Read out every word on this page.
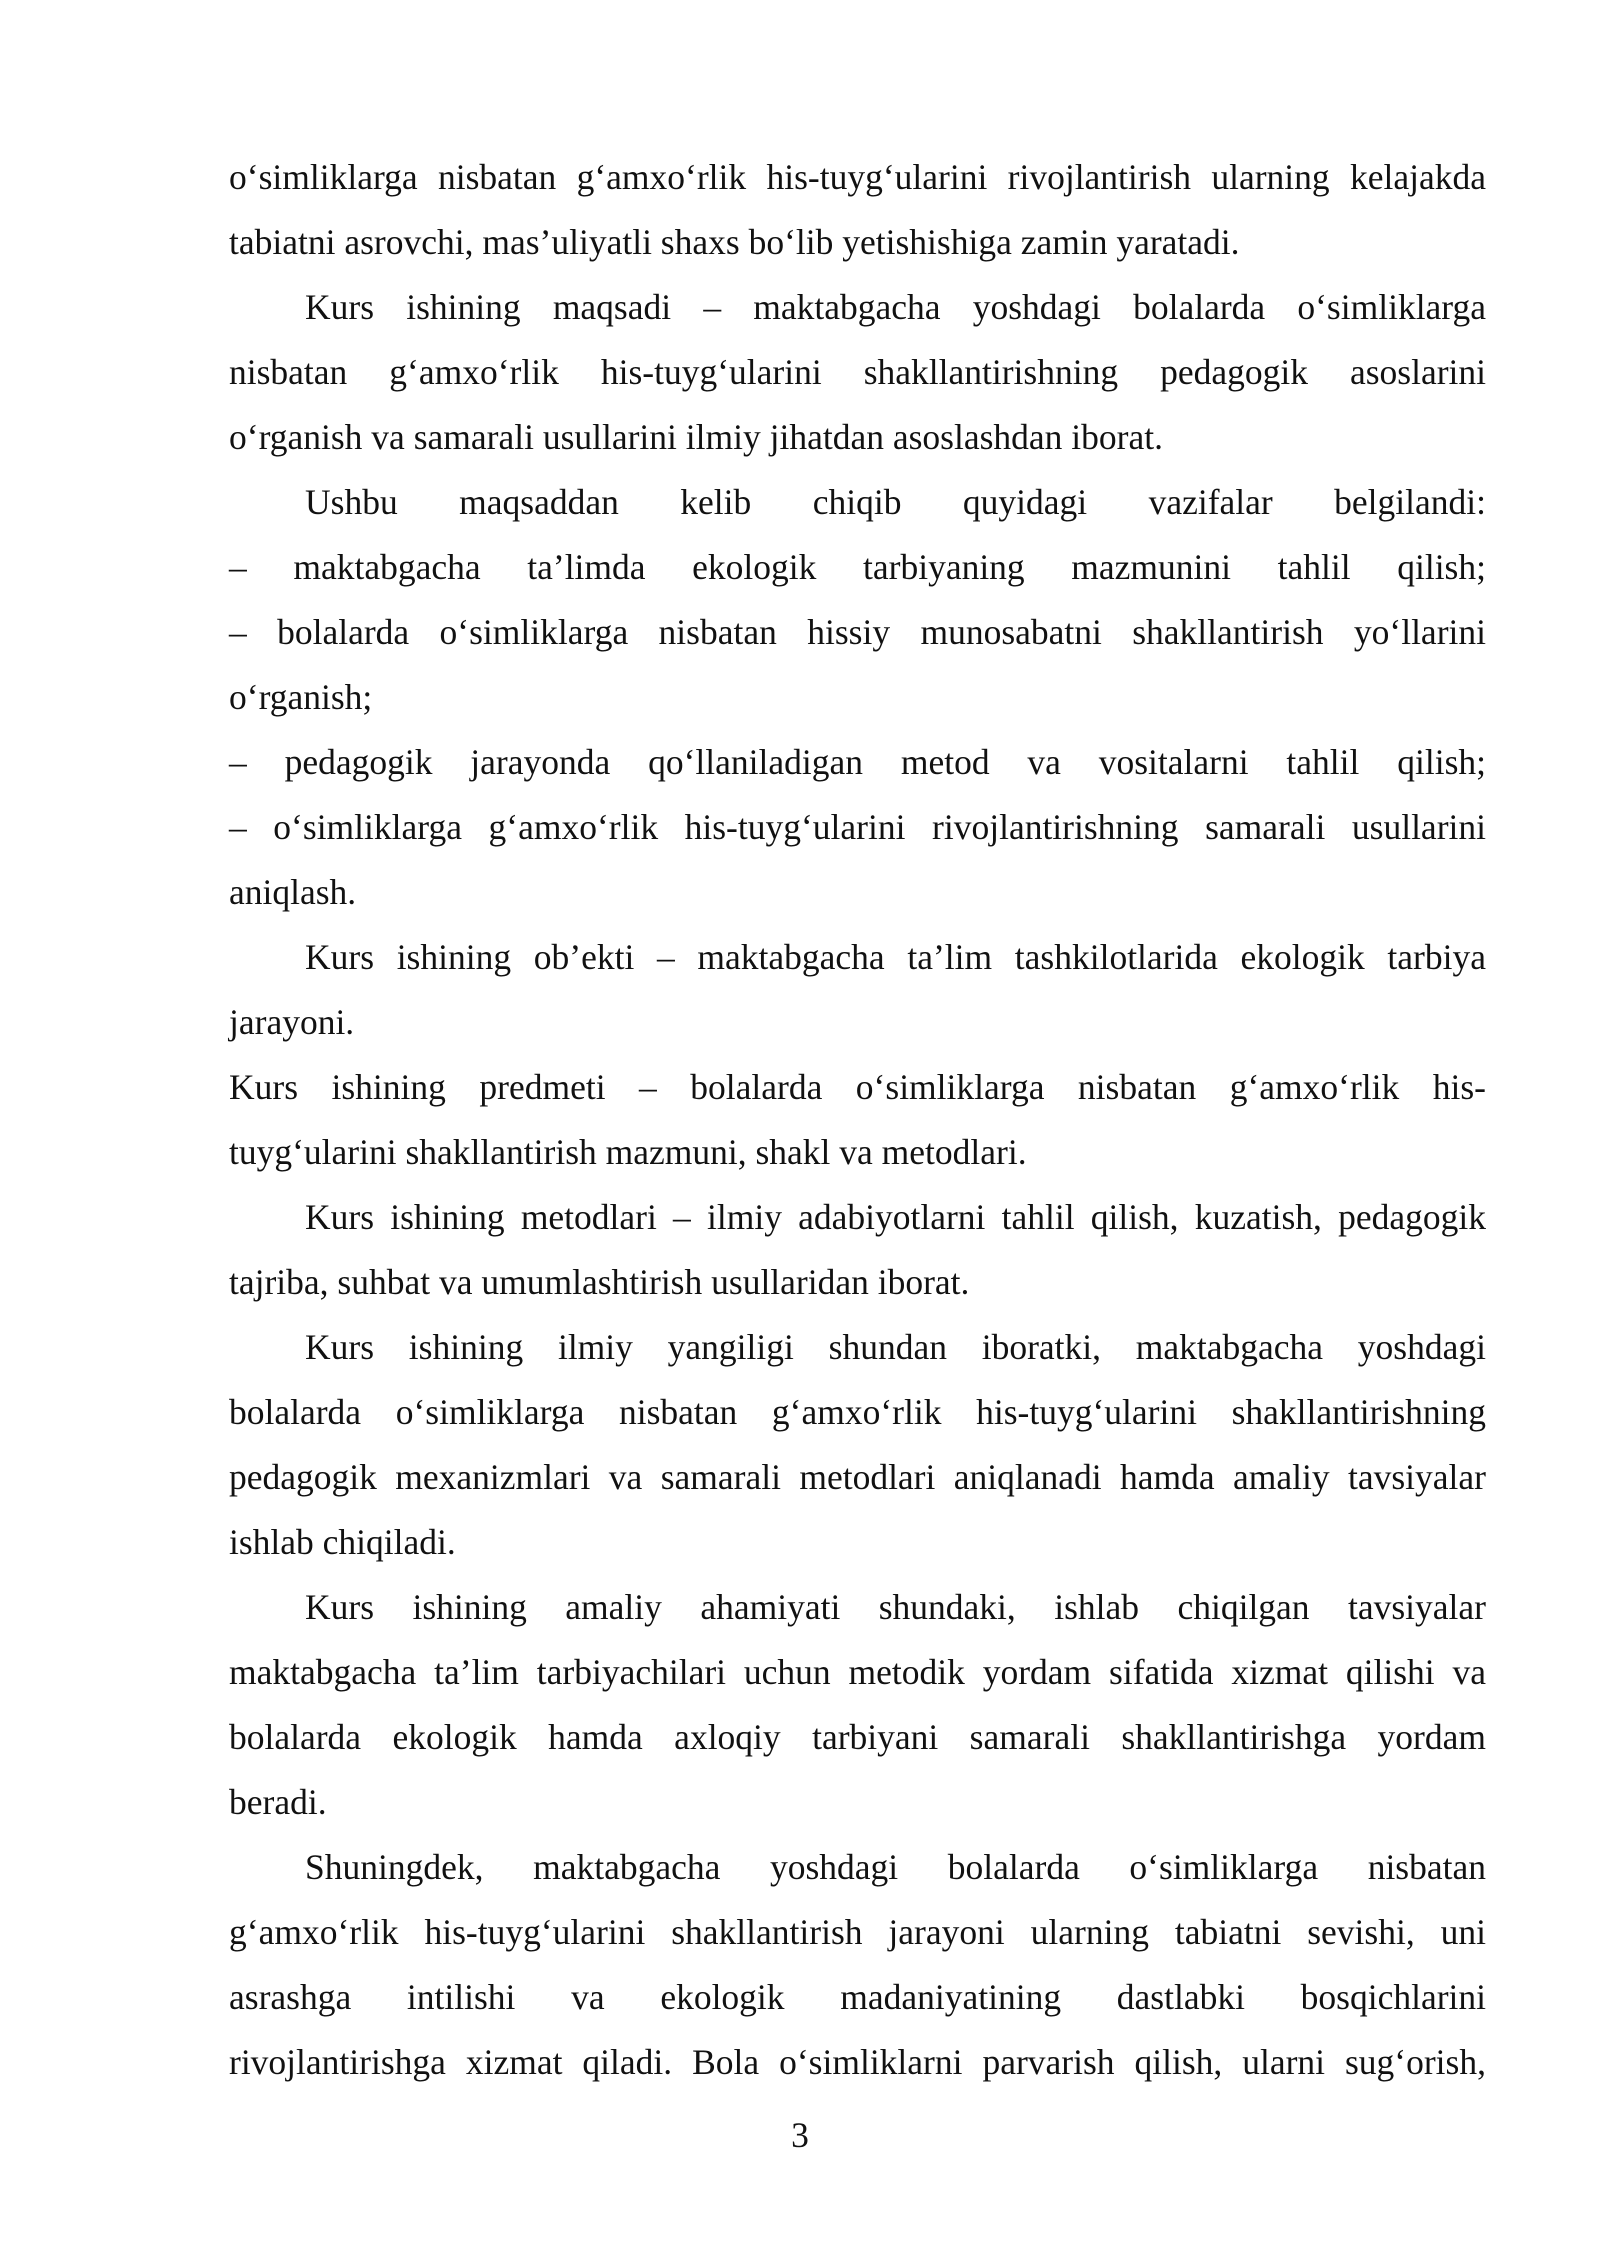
o‘simliklarga nisbatan g‘amxo‘rlik his-tuyg‘ularini rivojlantirish ularning kelajakda
tabiatni asrovchi, mas’uliyatli shaxs bo‘lib yetishishiga zamin yaratadi.
Kurs ishining maqsadi – maktabgacha yoshdagi bolalarda o‘simliklarga
nisbatan g‘amxo‘rlik his-tuyg‘ularini shakllantirishning pedagogik asoslarini
o‘rganish va samarali usullarini ilmiy jihatdan asoslashdan iborat.
Ushbu maqsaddan kelib chiqib quyidagi vazifalar belgilandi:
– maktabgacha ta’limda ekologik tarbiyaning mazmunini tahlil qilish;
– bolalarda o‘simliklarga nisbatan hissiy munosabatni shakllantirish yo‘llarini
o‘rganish;
– pedagogik jarayonda qo‘llaniladigan metod va vositalarni tahlil qilish;
– o‘simliklarga g‘amxo‘rlik his-tuyg‘ularini rivojlantirishning samarali usullarini
aniqlash.
Kurs ishining ob’ekti – maktabgacha ta’lim tashkilotlarida ekologik tarbiya
jarayoni.
Kurs ishining predmeti – bolalarda o‘simliklarga nisbatan g‘amxo‘rlik his-
tuyg‘ularini shakllantirish mazmuni, shakl va metodlari.
Kurs ishining metodlari – ilmiy adabiyotlarni tahlil qilish, kuzatish, pedagogik
tajriba, suhbat va umumlashtirish usullaridan iborat.
Kurs ishining ilmiy yangiligi shundan iboratki, maktabgacha yoshdagi
bolalarda o‘simliklarga nisbatan g‘amxo‘rlik his-tuyg‘ularini shakllantirishning
pedagogik mexanizmlari va samarali metodlari aniqlanadi hamda amaliy tavsiyalar
ishlab chiqiladi.
Kurs ishining amaliy ahamiyati shundaki, ishlab chiqilgan tavsiyalar
maktabgacha ta’lim tarbiyachilari uchun metodik yordam sifatida xizmat qilishi va
bolalarda ekologik hamda axloqiy tarbiyani samarali shakllantirishga yordam
beradi.
Shuningdek, maktabgacha yoshdagi bolalarda o‘simliklarga nisbatan
g‘amxo‘rlik his-tuyg‘ularini shakllantirish jarayoni ularning tabiatni sevishi, uni
asrashga intilishi va ekologik madaniyatining dastlabki bosqichlarini
rivojlantirishga xizmat qiladi. Bola o‘simliklarni parvarish qilish, ularni sug‘orish,
3
